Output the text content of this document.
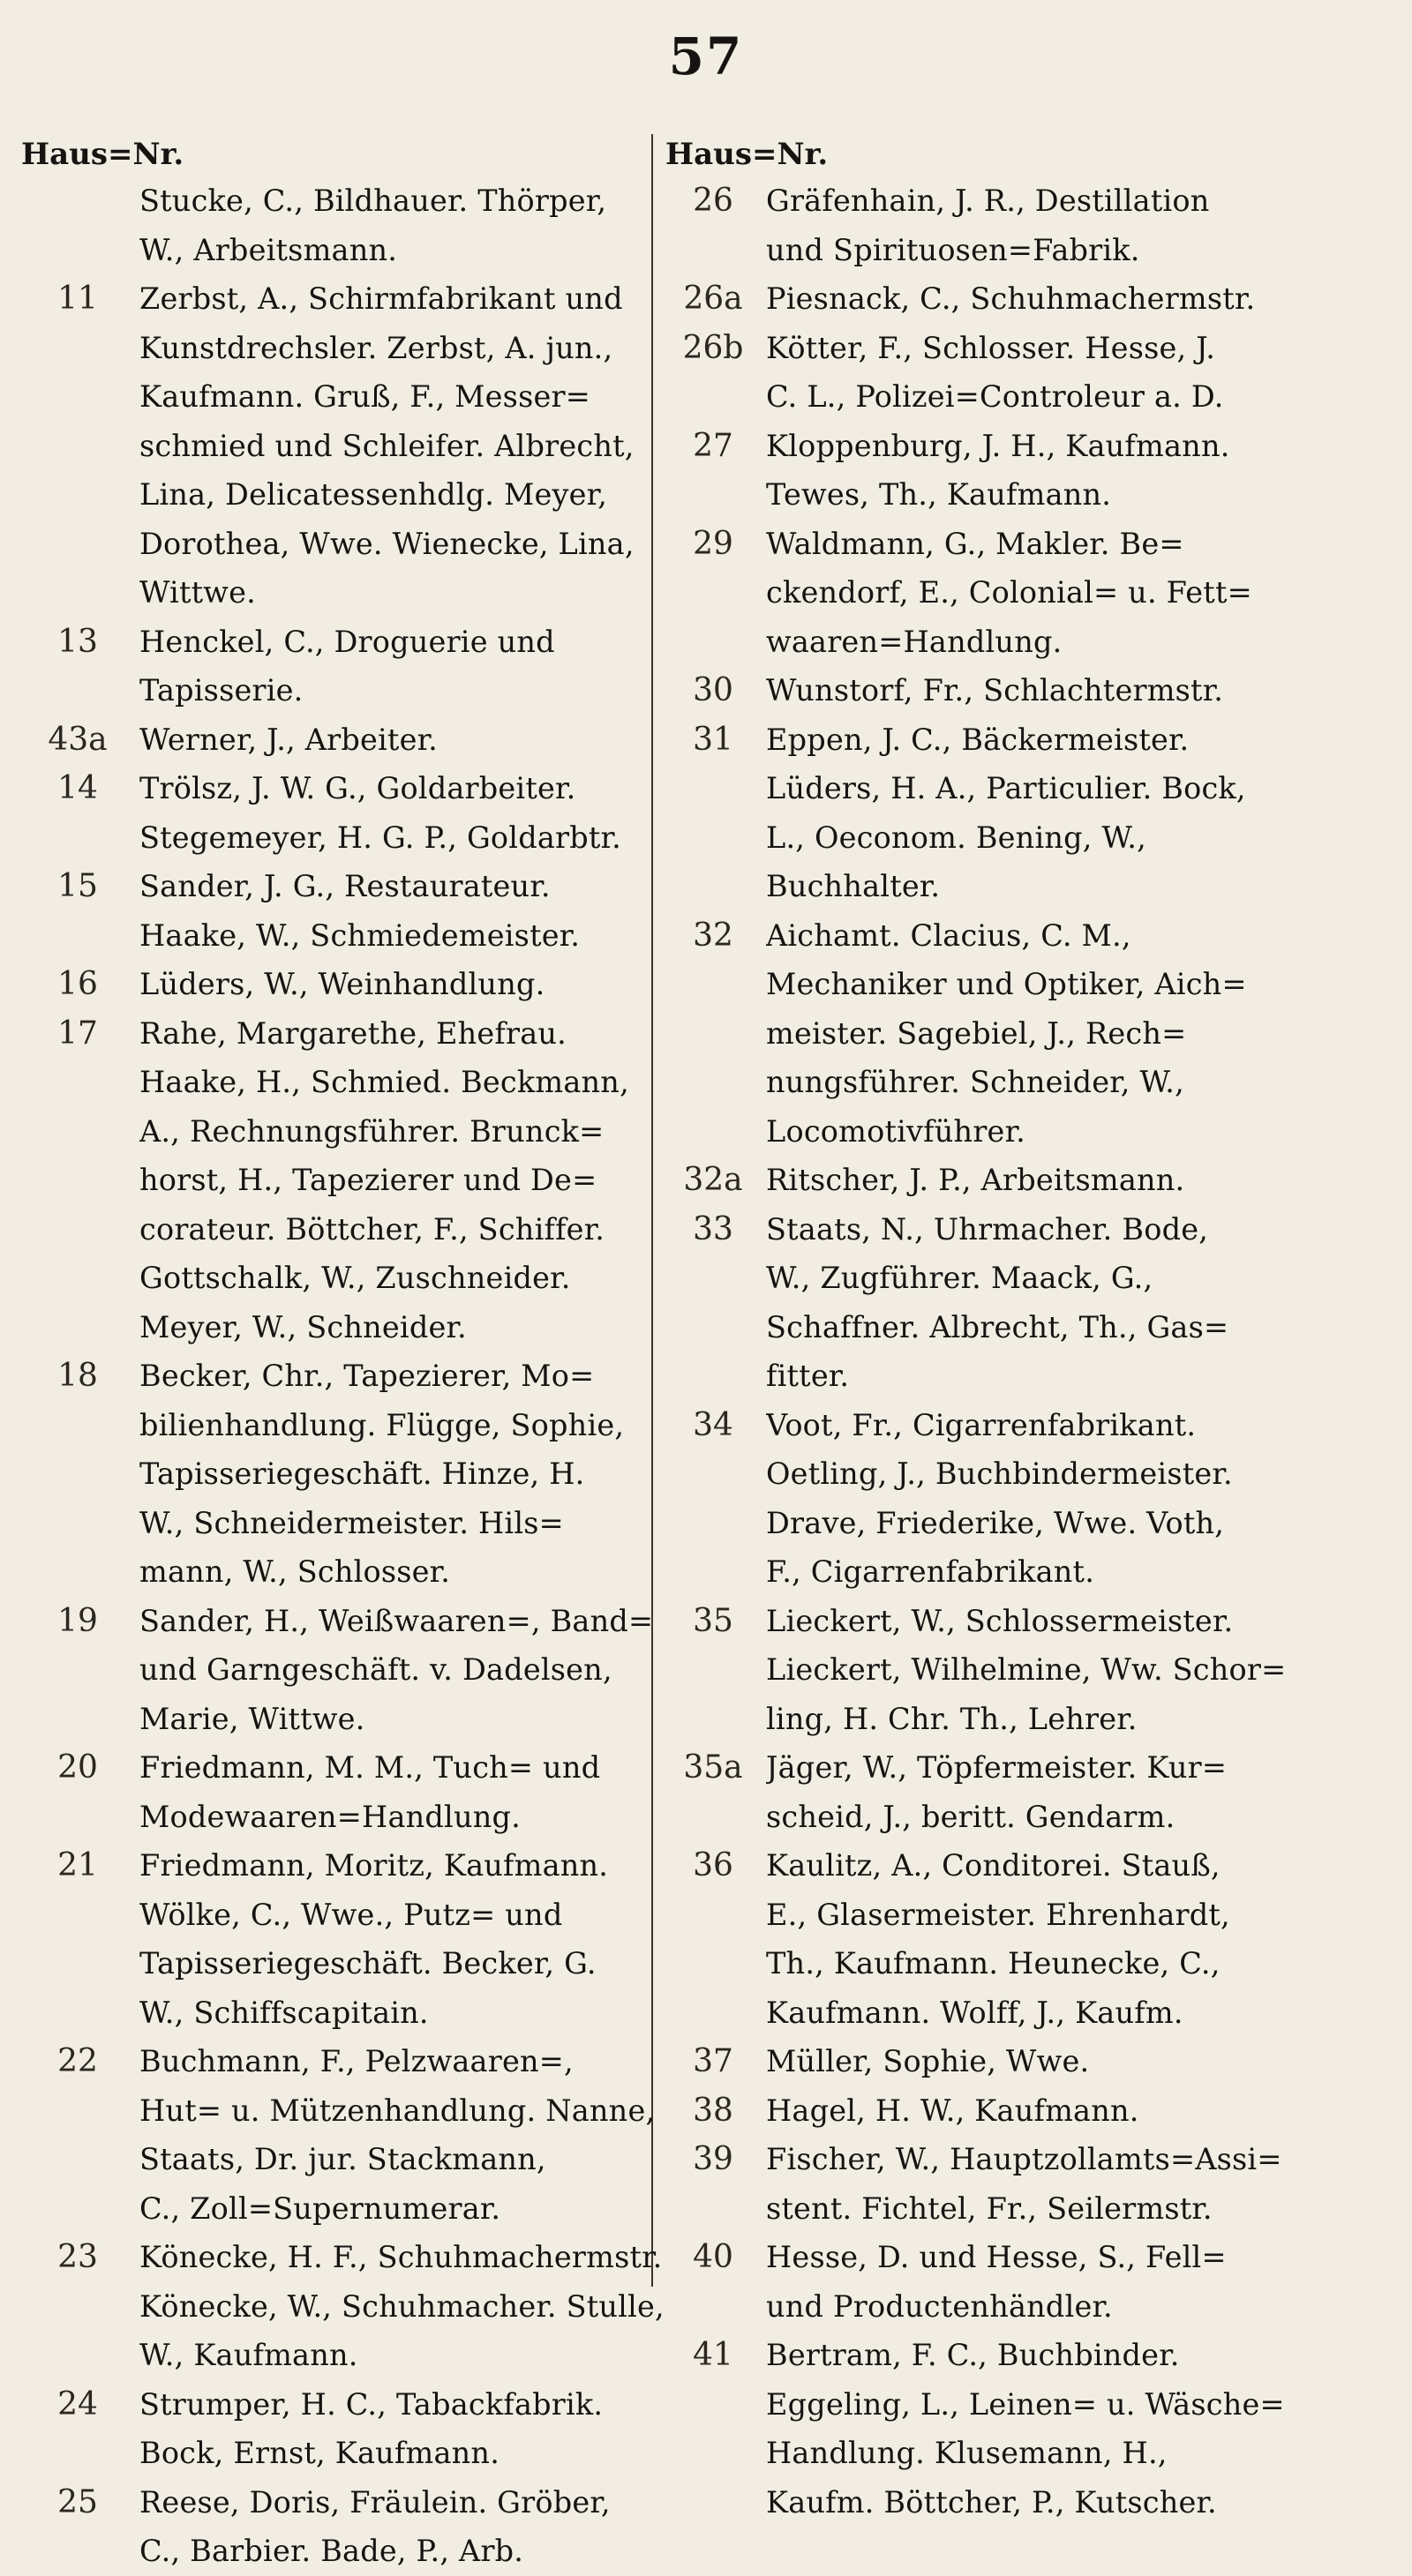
57
Haus=Nr.
Stucke, C., Bildhauer. Thörper,
W., Arbeitsmann.
11	Zerbst, A., Schirmfabrikant und
Kunstdrechsler. Zerbst, A. jun.,
Kaufmann. Gruß, F., Messer=
schmied und Schleifer. Albrecht,
Lina, Delicatessenhdlg. Meyer,
Dorothea, Wwe. Wienecke, Lina,
Wittwe.
13	Henckel, C., Droguerie und
Tapisserie.
43a	Werner, J., Arbeiter.
14	Trölsz, J. W. G., Goldarbeiter.
Stegemeyer, H. G. P., Goldarbtr.
15	Sander, J. G., Restaurateur.
Haake, W., Schmiedemeister.
16	Lüders, W., Weinhandlung.
17	Rahe, Margarethe, Ehefrau.
Haake, H., Schmied. Beckmann,
A., Rechnungsführer. Brunck=
horst, H., Tapezierer und De=
corateur. Böttcher, F., Schiffer.
Gottschalk, W., Zuschneider.
Meyer, W., Schneider.
18	Becker, Chr., Tapezierer, Mo=
bilienhandlung. Flügge, Sophie,
Tapisseriegeschäft. Hinze, H.
W., Schneidermeister. Hils=
mann, W., Schlosser.
19	Sander, H., Weißwaaren=, Band=
und Garngeschäft. v. Dadelsen,
Marie, Wittwe.
20	Friedmann, M. M., Tuch= und
Modewaaren=Handlung.
21	Friedmann, Moritz, Kaufmann.
Wölke, C., Wwe., Putz= und
Tapisseriegeschäft. Becker, G.
W., Schiffscapitain.
22	Buchmann, F., Pelzwaaren=,
Hut= u. Mützenhandlung. Nanne,
Staats, Dr. jur. Stackmann,
C., Zoll=Supernumerar.
23	Könecke, H. F., Schuhmachermstr.
Könecke, W., Schuhmacher. Stulle,
W., Kaufmann.
24	Strumper, H. C., Tabackfabrik.
Bock, Ernst, Kaufmann.
25	Reese, Doris, Fräulein. Gröber,
C., Barbier. Bade, P., Arb.
Haus=Nr.
26	Gräfenhain, J. R., Destillation
und Spirituosen=Fabrik.
26a Piesnack, C., Schuhmachermstr.
26b Kötter, F., Schlosser. Hesse, J.
C. L., Polizei=Controleur a. D.
27	Kloppenburg, J. H., Kaufmann.
Tewes, Th., Kaufmann.
29	Waldmann, G., Makler. Be=
ckendorf, E., Colonial= u. Fett=
waaren=Handlung.
30	Wunstorf, Fr., Schlachtermstr.
31	Eppen, J. C., Bäckermeister.
Lüders, H. A., Particulier. Bock,
L., Oeconom. Bening, W.,
Buchhalter.
32	Aichamt. Clacius, C. M.,
Mechaniker und Optiker, Aich=
meister. Sagebiel, J., Rech=
nungsführer. Schneider, W.,
Locomotivführer.
32a Ritscher, J. P., Arbeitsmann.
33	Staats, N., Uhrmacher. Bode,
W., Zugführer. Maack, G.,
Schaffner. Albrecht, Th., Gas=
fitter.
34	Voot, Fr., Cigarrenfabrikant.
Oetling, J., Buchbindermeister.
Drave, Friederike, Wwe. Voth,
F., Cigarrenfabrikant.
35	Lieckert, W., Schlossermeister.
Lieckert, Wilhelmine, Ww. Schor=
ling, H. Chr. Th., Lehrer.
35a Jäger, W., Töpfermeister. Kur=
scheid, J., beritt. Gendarm.
36	Kaulitz, A., Conditorei. Stauß,
E., Glasermeister. Ehrenhardt,
Th., Kaufmann. Heunecke, C.,
Kaufmann. Wolff, J., Kaufm.
37	Müller, Sophie, Wwe.
38	Hagel, H. W., Kaufmann.
39	Fischer, W., Hauptzollamts=Assi=
stent. Fichtel, Fr., Seilermstr.
40	Hesse, D. und Hesse, S., Fell=
und Productenhändler.
41	Bertram, F. C., Buchbinder.
Eggeling, L., Leinen= u. Wäsche=
Handlung. Klusemann, H.,
Kaufm. Böttcher, P., Kutscher.
